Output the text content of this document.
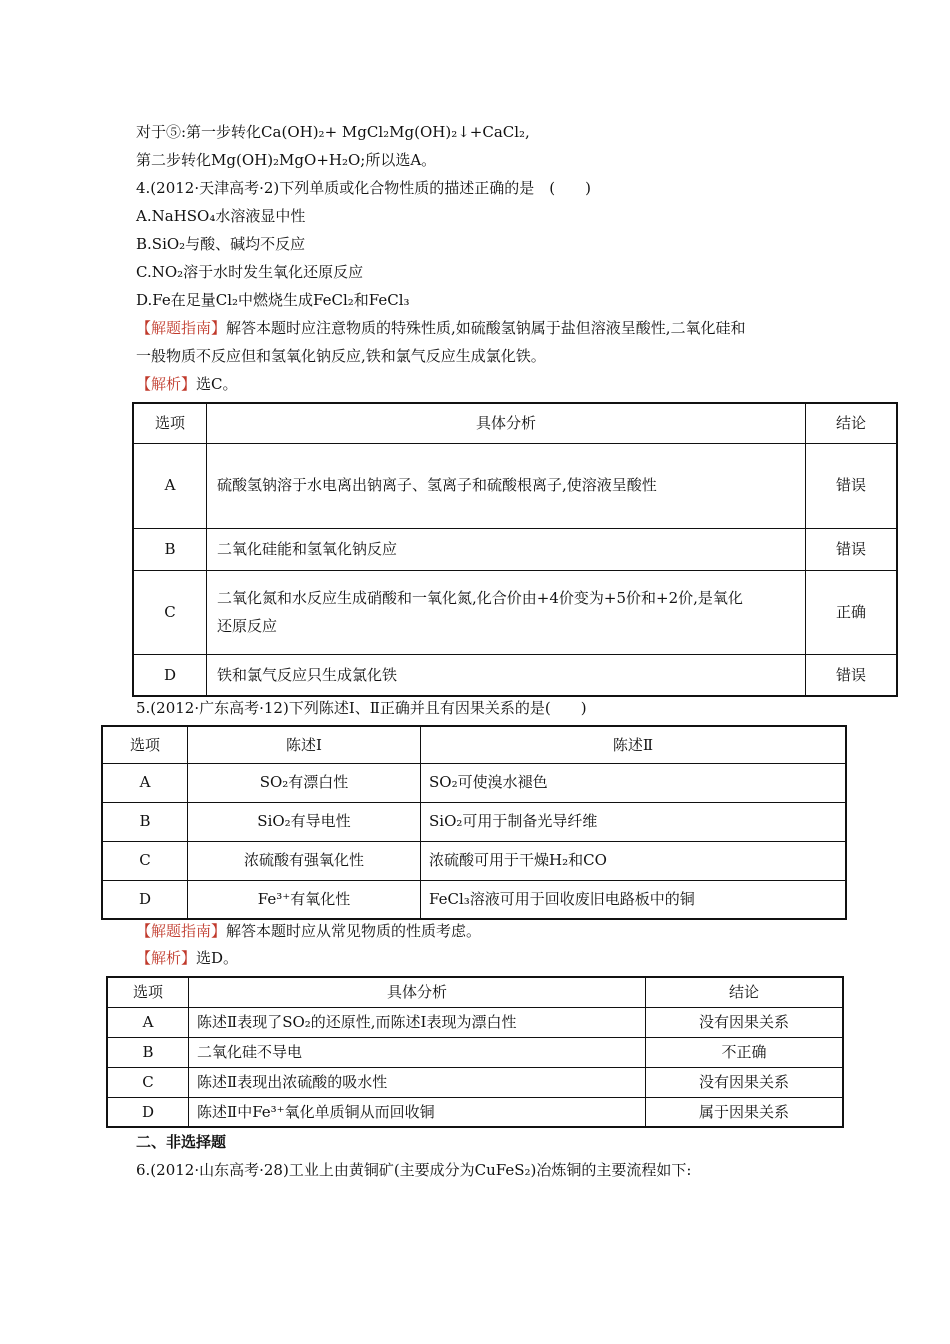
对于⑤:第一步转化Ca(OH)₂+ MgCl₂Mg(OH)₂↓+CaCl₂,
第二步转化Mg(OH)₂MgO+H₂O;所以选A。
4.(2012·天津高考·2)下列单质或化合物性质的描述正确的是　(　　)
A.NaHSO₄水溶液显中性
B.SiO₂与酸、碱均不反应
C.NO₂溶于水时发生氧化还原反应
D.Fe在足量Cl₂中燃烧生成FeCl₂和FeCl₃
【解题指南】解答本题时应注意物质的特殊性质,如硫酸氢钠属于盐但溶液呈酸性,二氧化硅和
一般物质不反应但和氢氧化钠反应,铁和氯气反应生成氯化铁。
【解析】选C。
选项	具体分析	结论
A	硫酸氢钠溶于水电离出钠离子、氢离子和硫酸根离子,使溶液呈酸性	错误
B	二氧化硅能和氢氧化钠反应	错误
C	二氧化氮和水反应生成硝酸和一氧化氮,化合价由+4价变为+5价和+2价,是氧化
还原反应	正确
D	铁和氯气反应只生成氯化铁	错误
5.(2012·广东高考·12)下列陈述Ⅰ、Ⅱ正确并且有因果关系的是(　　)
选项	陈述Ⅰ	陈述Ⅱ
A	SO₂有漂白性	SO₂可使溴水褪色
B	SiO₂有导电性	SiO₂可用于制备光导纤维
C	浓硫酸有强氧化性	浓硫酸可用于干燥H₂和CO
D	Fe³⁺有氧化性	FeCl₃溶液可用于回收废旧电路板中的铜
【解题指南】解答本题时应从常见物质的性质考虑。
【解析】选D。
选项	具体分析	结论
A	陈述Ⅱ表现了SO₂的还原性,而陈述Ⅰ表现为漂白性	没有因果关系
B	二氧化硅不导电	不正确
C	陈述Ⅱ表现出浓硫酸的吸水性	没有因果关系
D	陈述Ⅱ中Fe³⁺氧化单质铜从而回收铜	属于因果关系
二、非选择题
6.(2012·山东高考·28)工业上由黄铜矿(主要成分为CuFeS₂)冶炼铜的主要流程如下:
